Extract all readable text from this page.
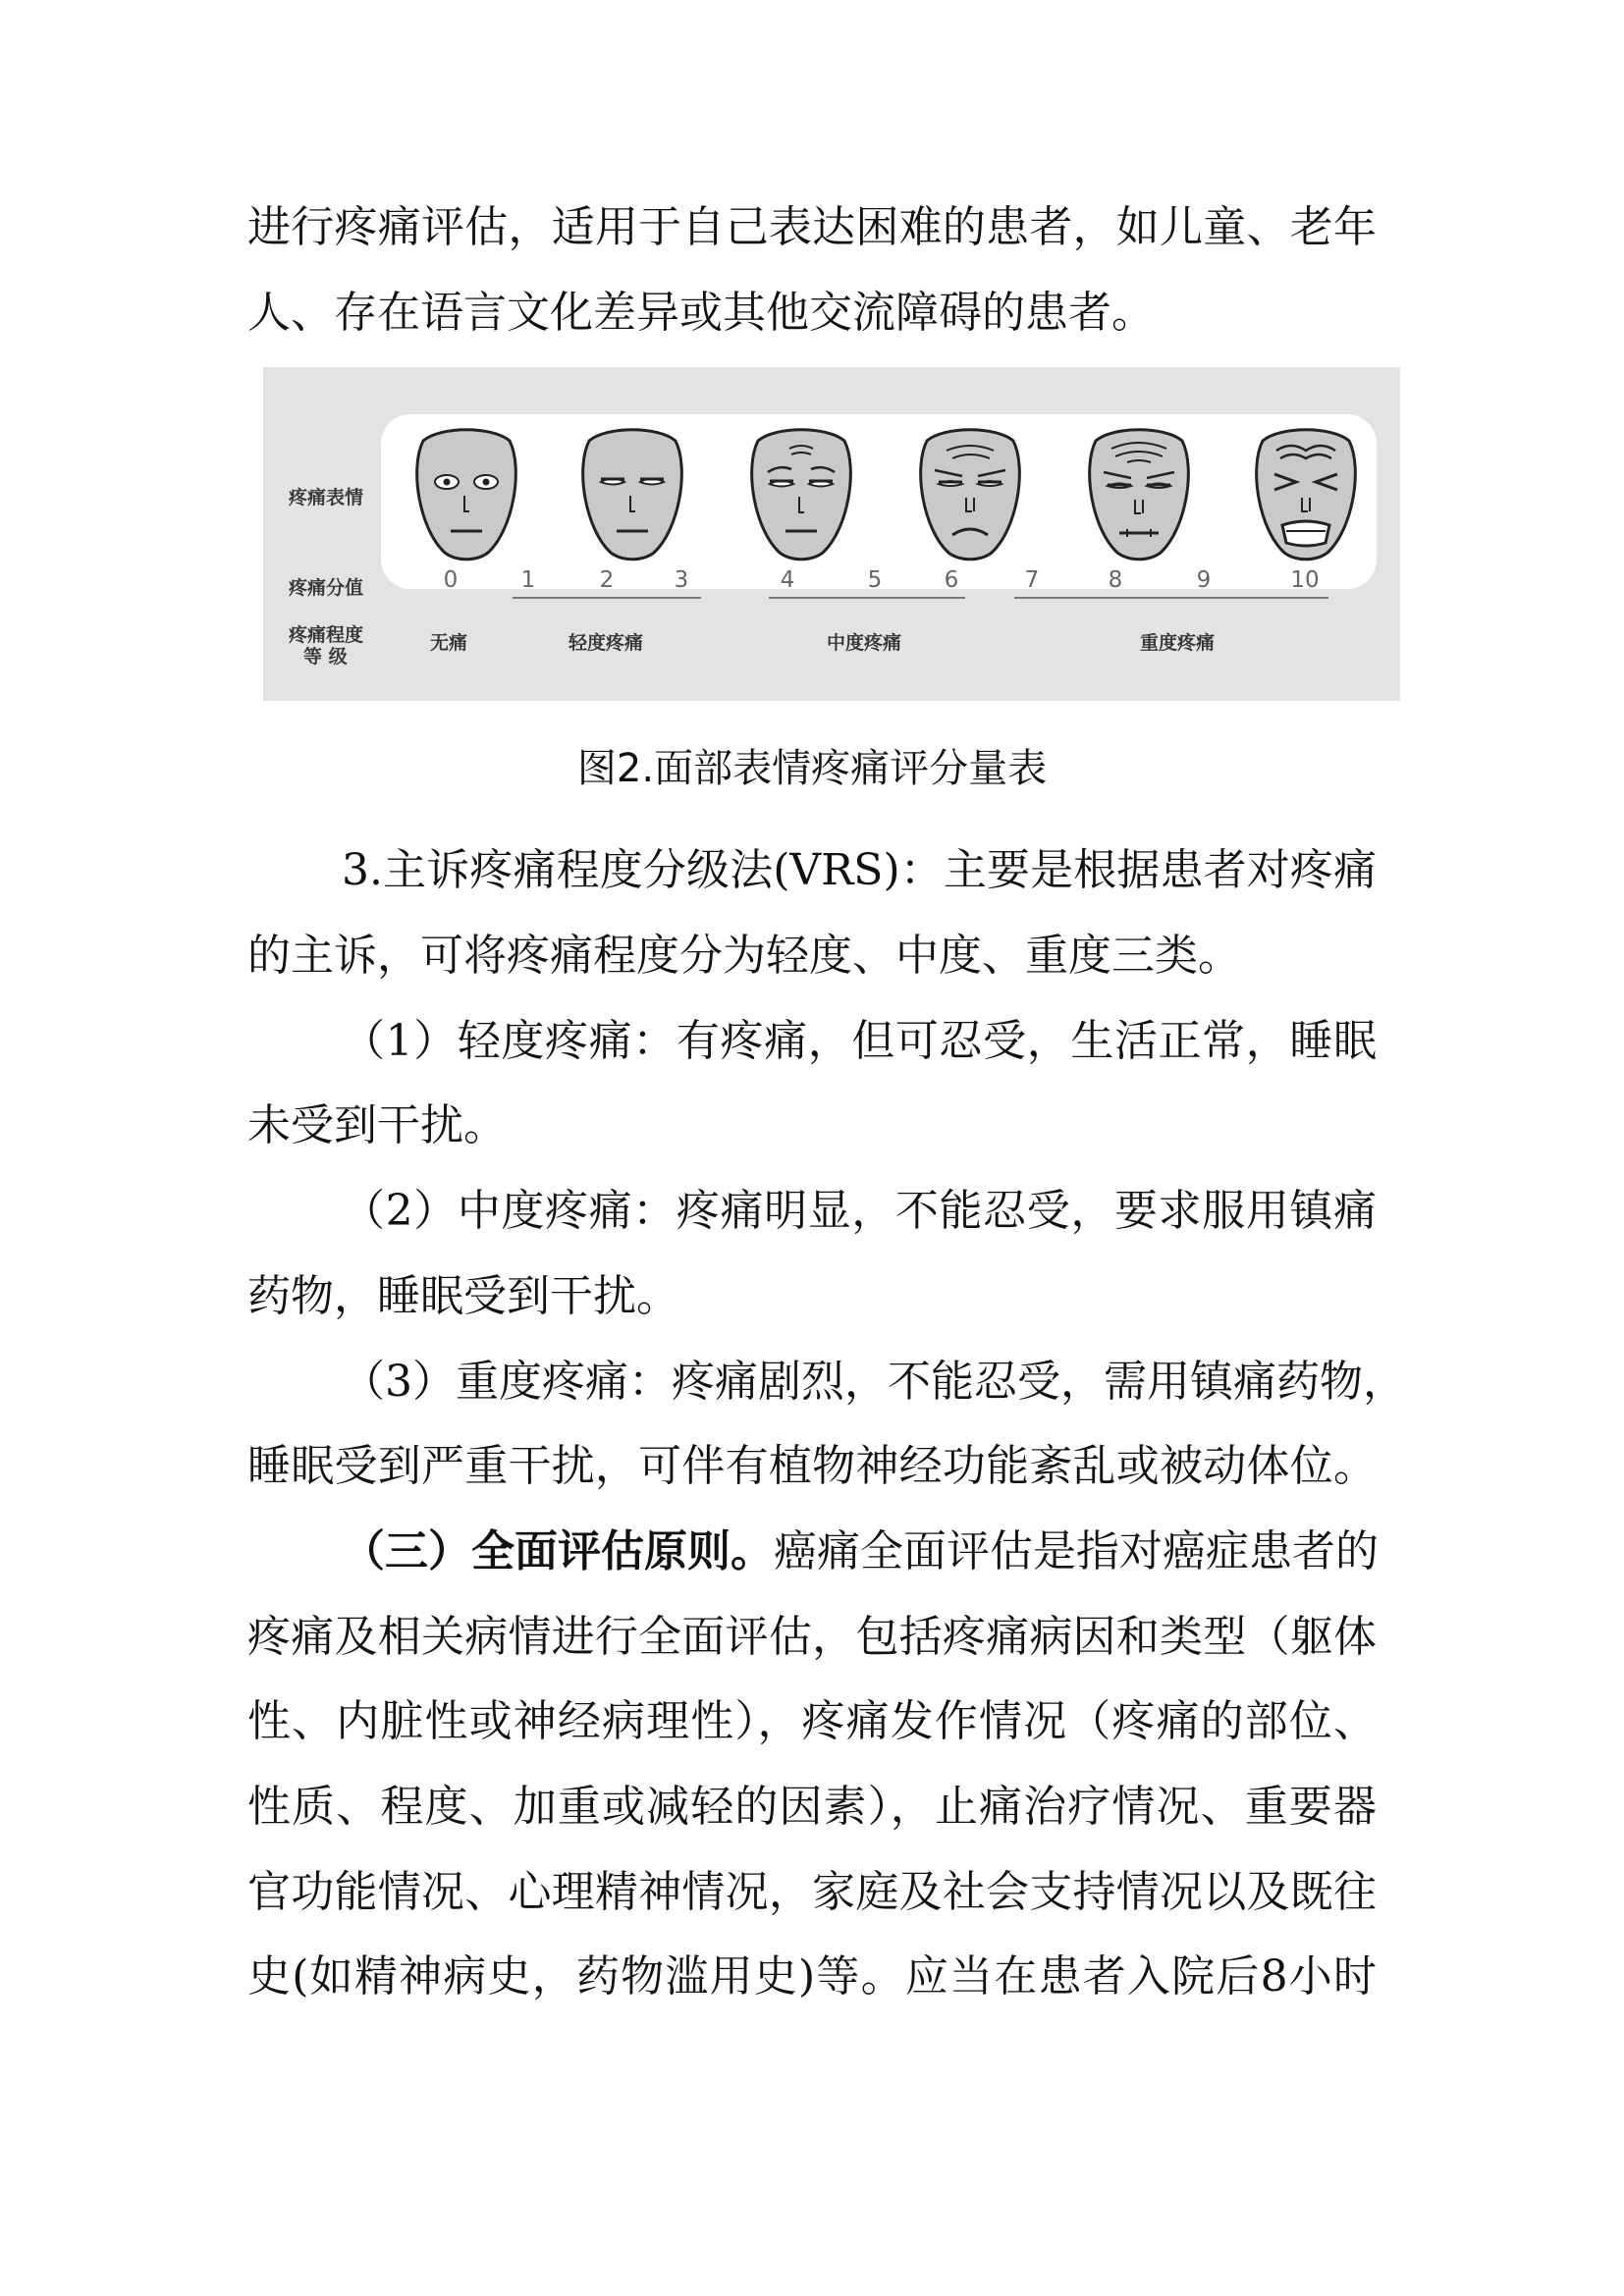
进行疼痛评估，适用于自己表达困难的患者，如儿童、老年
人、存在语言文化差异或其他交流障碍的患者。
疼痛表情
疼痛分值
疼痛程度
等 级
0	1	2	3	4	5	6	7	8	9	10
无痛	轻度疼痛	中度疼痛	重度疼痛
图2.面部表情疼痛评分量表
3.主诉疼痛程度分级法(VRS)：主要是根据患者对疼痛
的主诉，可将疼痛程度分为轻度、中度、重度三类。
（1）轻度疼痛：有疼痛，但可忍受，生活正常，睡眠
未受到干扰。
（2）中度疼痛：疼痛明显，不能忍受，要求服用镇痛
药物，睡眠受到干扰。
（3）重度疼痛：疼痛剧烈，不能忍受，需用镇痛药物，
睡眠受到严重干扰，可伴有植物神经功能紊乱或被动体位。
（三）全面评估原则。 癌痛全面评估是指对癌症患者的
疼痛及相关病情进行全面评估，包括疼痛病因和类型（躯体
性、内脏性或神经病理性），疼痛发作情况（疼痛的部位、
性质、程度、加重或减轻的因素），止痛治疗情况、重要器
官功能情况、心理精神情况，家庭及社会支持情况以及既往
史(如精神病史，药物滥用史)等。应当在患者入院后8小时
